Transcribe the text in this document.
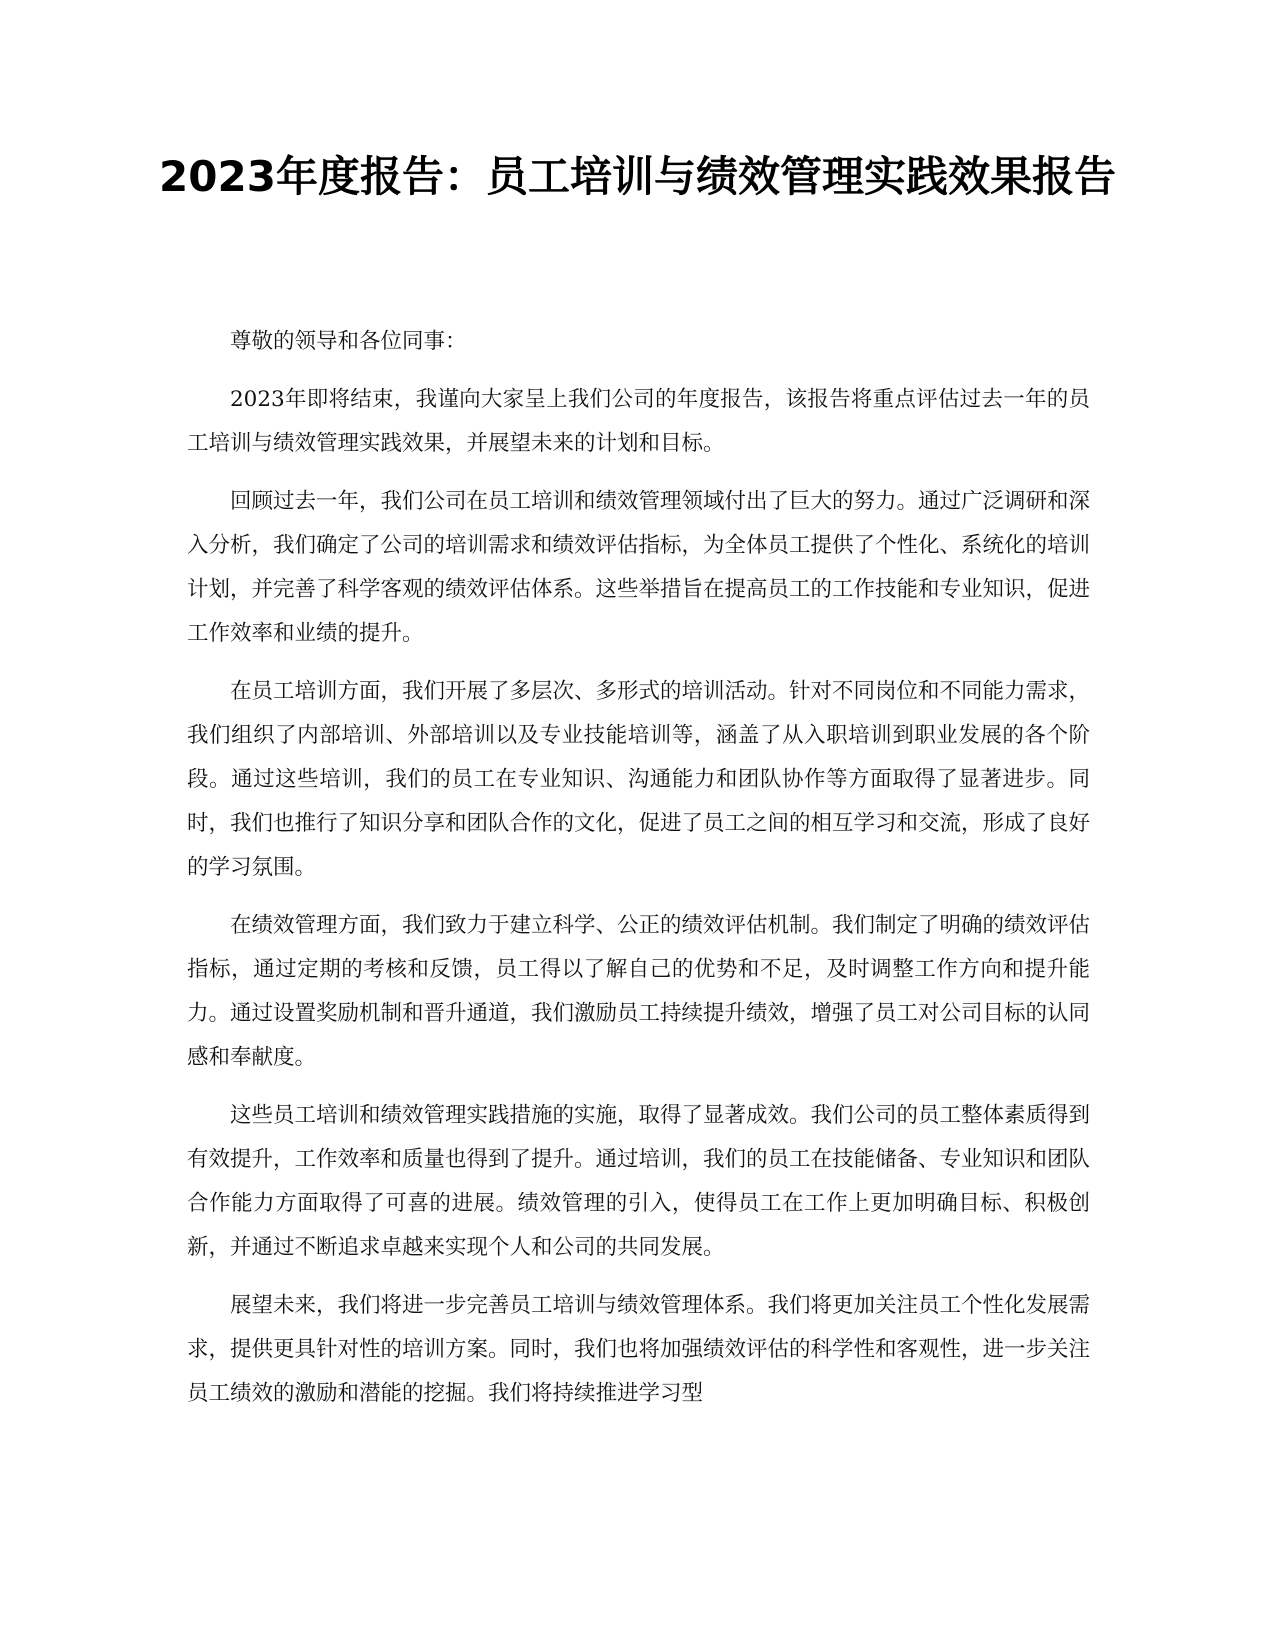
2023年度报告：员工培训与绩效管理实践效果报告

尊敬的领导和各位同事：

2023年即将结束，我谨向大家呈上我们公司的年度报告，该报告将重点评估过去一年的员工培训与绩效管理实践效果，并展望未来的计划和目标。

回顾过去一年，我们公司在员工培训和绩效管理领域付出了巨大的努力。通过广泛调研和深入分析，我们确定了公司的培训需求和绩效评估指标，为全体员工提供了个性化、系统化的培训计划，并完善了科学客观的绩效评估体系。这些举措旨在提高员工的工作技能和专业知识，促进工作效率和业绩的提升。

在员工培训方面，我们开展了多层次、多形式的培训活动。针对不同岗位和不同能力需求，我们组织了内部培训、外部培训以及专业技能培训等，涵盖了从入职培训到职业发展的各个阶段。通过这些培训，我们的员工在专业知识、沟通能力和团队协作等方面取得了显著进步。同时，我们也推行了知识分享和团队合作的文化，促进了员工之间的相互学习和交流，形成了良好的学习氛围。

在绩效管理方面，我们致力于建立科学、公正的绩效评估机制。我们制定了明确的绩效评估指标，通过定期的考核和反馈，员工得以了解自己的优势和不足，及时调整工作方向和提升能力。通过设置奖励机制和晋升通道，我们激励员工持续提升绩效，增强了员工对公司目标的认同感和奉献度。

这些员工培训和绩效管理实践措施的实施，取得了显著成效。我们公司的员工整体素质得到有效提升，工作效率和质量也得到了提升。通过培训，我们的员工在技能储备、专业知识和团队合作能力方面取得了可喜的进展。绩效管理的引入，使得员工在工作上更加明确目标、积极创新，并通过不断追求卓越来实现个人和公司的共同发展。

展望未来，我们将进一步完善员工培训与绩效管理体系。我们将更加关注员工个性化发展需求，提供更具针对性的培训方案。同时，我们也将加强绩效评估的科学性和客观性，进一步关注员工绩效的激励和潜能的挖掘。我们将持续推进学习型
